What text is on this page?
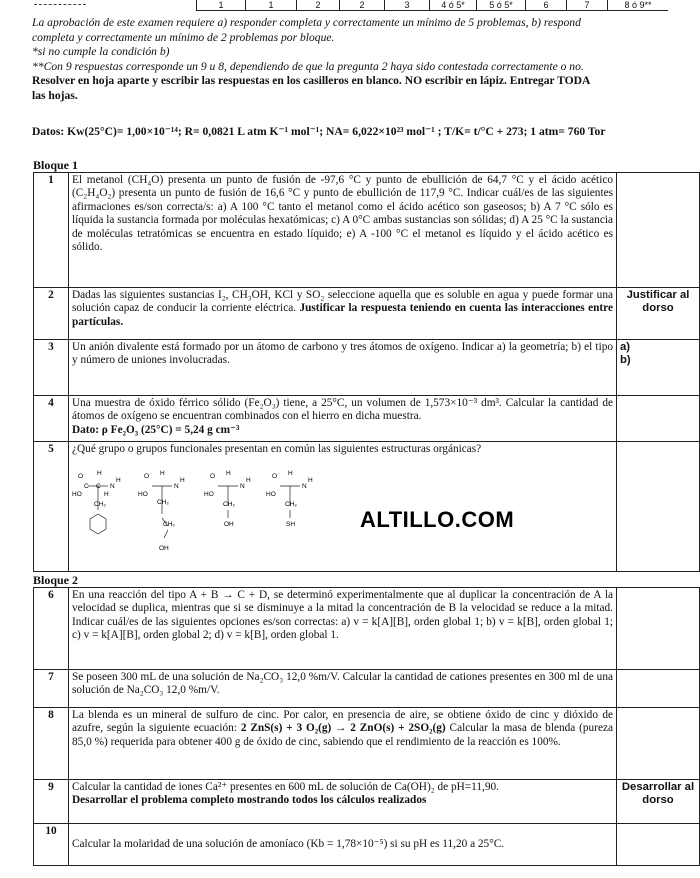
1	1	2	2	3	4 ó 5*	5 ó 5*	6	7	8 ó 9**

La aprobación de este examen requiere a) responder completa y correctamente un mínimo de 5 problemas, b) respond

completa y correctamente un mínimo de 2 problemas por bloque.

*si no cumple la condición b)

**Con 9 respuestas corresponde un 9 u 8, dependiendo de que la pregunta 2 haya sido contestada correctamente o no.

Resolver en hoja aparte y escribir las respuestas en los casilleros en blanco. NO escribir en lápiz. Entregar TODA

las hojas.

Datos: Kw(25°C)= 1,00×10⁻¹⁴; R= 0,0821 L atm K⁻¹ mol⁻¹; NA= 6,022×10²³ mol⁻¹ ; T/K= t/°C + 273; 1 atm= 760 Tor
Bloque 1
1	El metanol (CH₄O) presenta un punto de fusión de -97,6 °C y punto de ebullición de 64,7 °C y el ácido acético (C₂H₄O₂) presenta un punto de fusión de 16,6 °C y punto de ebullición de 117,9 °C. Indicar cuál/es de las siguientes afirmaciones es/son correcta/s: a) A 100 °C tanto el metanol como el ácido acético son gaseosos; b) A 7 °C sólo es líquida la sustancia formada por moléculas hexatómicas; c) A 0°C ambas sustancias son sólidas; d) A 25 °C la sustancia de moléculas tetratómicas se encuentra en estado líquido; e) A -100 °C el metanol es líquido y el ácido acético es sólido.	
2	Dadas las siguientes sustancias I₂, CH₃OH, KCl y SO₂ seleccione aquella que es soluble en agua y puede formar una solución capaz de conducir la corriente eléctrica. Justificar la respuesta teniendo en cuenta las interacciones entre partículas.	Justificar al dorso
3	Un anión divalente está formado por un átomo de carbono y tres átomos de oxígeno. Indicar a) la geometría; b) el tipo y número de uniones involucradas.	a)
b)

4	Una muestra de óxido férrico sólido (Fe₂O₃) tiene, a 25°C, un volumen de 1,573×10⁻³ dm³. Calcular la cantidad de átomos de oxígeno se encuentran combinados con el hierro en dicha muestra.
Dato: ρ Fe₂O₃ (25°C) = 5,24 g cm⁻³	
5	¿Qué grupo o grupos funcionales presentan en común las siguientes estructuras orgánicas?	
O H
N
H
HO
C C
H
CH₂
O H
N
H
HO
CH₂
CH₂
OH
O H
N
H
HO
CH₂
OH
O H
N
H
HO
CH₂
SH	ALTILLO.COM
Bloque 2
6	En una reacción del tipo A + B → C + D, se determinó experimentalmente que al duplicar la concentración de A la velocidad se duplica, mientras que si se disminuye a la mitad la concentración de B la velocidad se reduce a la mitad. Indicar cuál/es de las siguientes opciones es/son correctas: a) v = k[A][B], orden global 1; b) v = k[B], orden global 1; c) v = k[A][B], orden global 2; d) v = k[B], orden global 1.	
7	Se poseen 300 mL de una solución de Na₂CO₃ 12,0 %m/V. Calcular la cantidad de cationes presentes en 300 ml de una solución de Na₂CO₃ 12,0 %m/V.	
8	La blenda es un mineral de sulfuro de cinc. Por calor, en presencia de aire, se obtiene óxido de cinc y dióxido de azufre, según la siguiente ecuación: 2 ZnS(s) + 3 O₂(g) → 2 ZnO(s) + 2SO₂(g) Calcular la masa de blenda (pureza 85,0 %) requerida para obtener 400 g de óxido de cinc, sabiendo que el rendimiento de la reacción es 100%.	
9	Calcular la cantidad de iones Ca²⁺ presentes en 600 mL de solución de Ca(OH)₂ de pH=11,90.
Desarrollar el problema completo mostrando todos los cálculos realizados	Desarrollar al dorso
10	Calcular la molaridad de una solución de amoníaco (Kb = 1,78×10⁻⁵) si su pH es 11,20 a 25°C.	
